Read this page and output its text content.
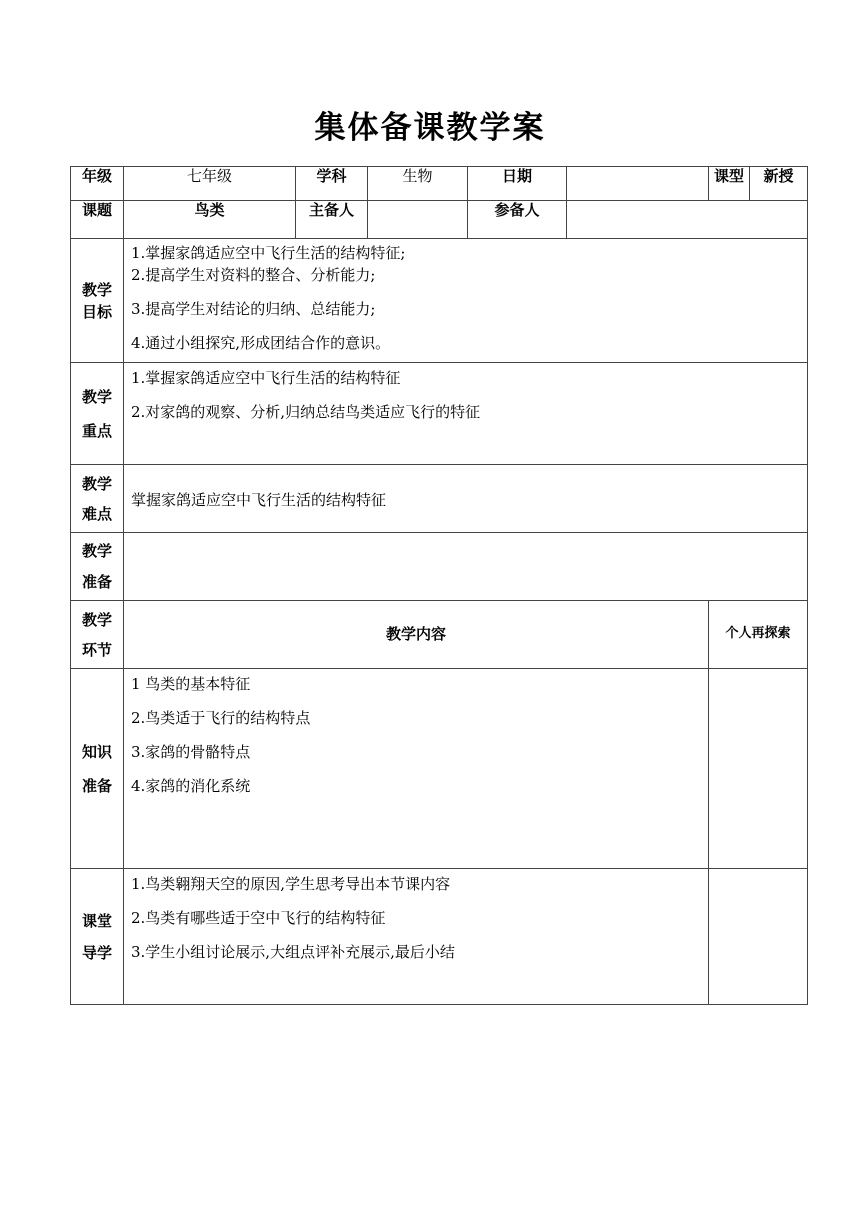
集体备课教学案
年级	七年级	学科	生物	日期		课型	新授
课题	鸟类	主备人		参备人			

教学
目标	1.掌握家鸽适应空中飞行生活的结构特征;
2.提高学生对资料的整合、分析能力;
3.提高学生对结论的归纳、总结能力;
4.通过小组探究,形成团结合作的意识。						

教学
重点	1.掌握家鸽适应空中飞行生活的结构特征
2.对家鸽的观察、分析,归纳总结鸟类适应飞行的特征						

教学
难点	掌握家鸽适应空中飞行生活的结构特征						

教学
准备							

教学
环节	教学内容					个人再探索	

知识
准备	1 鸟类的基本特征
2.鸟类适于飞行的结构特点
3.家鸽的骨骼特点
4.家鸽的消化系统						

课堂
导学	1.鸟类翱翔天空的原因,学生思考导出本节课内容
2.鸟类有哪些适于空中飞行的结构特征
3.学生小组讨论展示,大组点评补充展示,最后小结						
